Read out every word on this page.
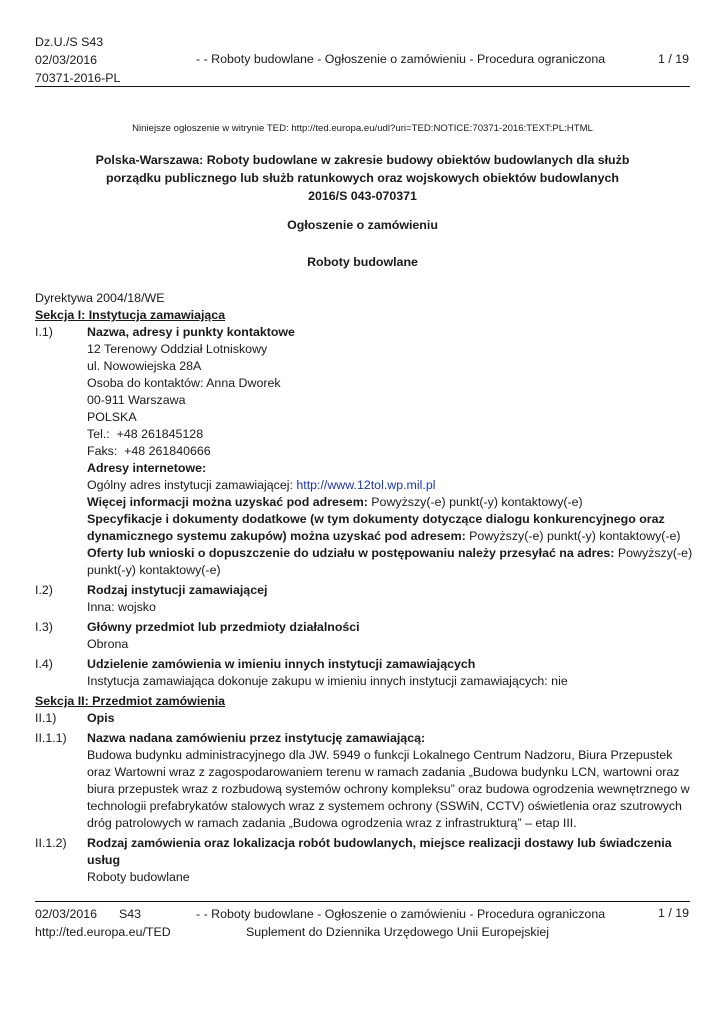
Dz.U./S S43
02/03/2016
70371-2016-PL
- - Roboty budowlane - Ogłoszenie o zamówieniu - Procedura ograniczona	1 / 19
Niniejsze ogłoszenie w witrynie TED: http://ted.europa.eu/udl?uri=TED:NOTICE:70371-2016:TEXT:PL:HTML
Polska-Warszawa: Roboty budowlane w zakresie budowy obiektów budowlanych dla służb
porządku publicznego lub służb ratunkowych oraz wojskowych obiektów budowlanych
2016/S 043-070371
Ogłoszenie o zamówieniu
Roboty budowlane
Dyrektywa 2004/18/WE
Sekcja I: Instytucja zamawiająca
I.1)	Nazwa, adresy i punkty kontaktowe
12 Terenowy Oddział Lotniskowy
ul. Nowowiejska 28A
Osoba do kontaktów: Anna Dworek
00-911 Warszawa
POLSKA
Tel.:  +48 261845128
Faks:  +48 261840666
Adresy internetowe:
Ogólny adres instytucji zamawiającej: http://www.12tol.wp.mil.pl
Więcej informacji można uzyskać pod adresem: Powyższy(-e) punkt(-y) kontaktowy(-e)
Specyfikacje i dokumenty dodatkowe (w tym dokumenty dotyczące dialogu konkurencyjnego oraz
dynamicznego systemu zakupów) można uzyskać pod adresem: Powyższy(-e) punkt(-y) kontaktowy(-e)
Oferty lub wnioski o dopuszczenie do udziału w postępowaniu należy przesyłać na adres: Powyższy(-e)
punkt(-y) kontaktowy(-e)
I.2)	Rodzaj instytucji zamawiającej
Inna: wojsko
I.3)	Główny przedmiot lub przedmioty działalności
Obrona
I.4)	Udzielenie zamówienia w imieniu innych instytucji zamawiających
Instytucja zamawiająca dokonuje zakupu w imieniu innych instytucji zamawiających: nie
Sekcja II: Przedmiot zamówienia
II.1)	Opis
II.1.1)	Nazwa nadana zamówieniu przez instytucję zamawiającą:
Budowa budynku administracyjnego dla JW. 5949 o funkcji Lokalnego Centrum Nadzoru, Biura Przepustek
oraz Wartowni wraz z zagospodarowaniem terenu w ramach zadania „Budowa budynku LCN, wartowni oraz
biura przepustek wraz z rozbudową systemów ochrony kompleksu” oraz budowa ogrodzenia wewnętrznego w
technologii prefabrykatów stalowych wraz z systemem ochrony (SSWiN, CCTV) oświetlenia oraz szutrowych
dróg patrolowych w ramach zadania „Budowa ogrodzenia wraz z infrastrukturą” – etap III.
II.1.2)	Rodzaj zamówienia oraz lokalizacja robót budowlanych, miejsce realizacji dostawy lub świadczenia
usług
Roboty budowlane
02/03/2016 S43
http://ted.europa.eu/TED
- - Roboty budowlane - Ogłoszenie o zamówieniu - Procedura ograniczona
Suplement do Dziennika Urzędowego Unii Europejskiej
1 / 19
